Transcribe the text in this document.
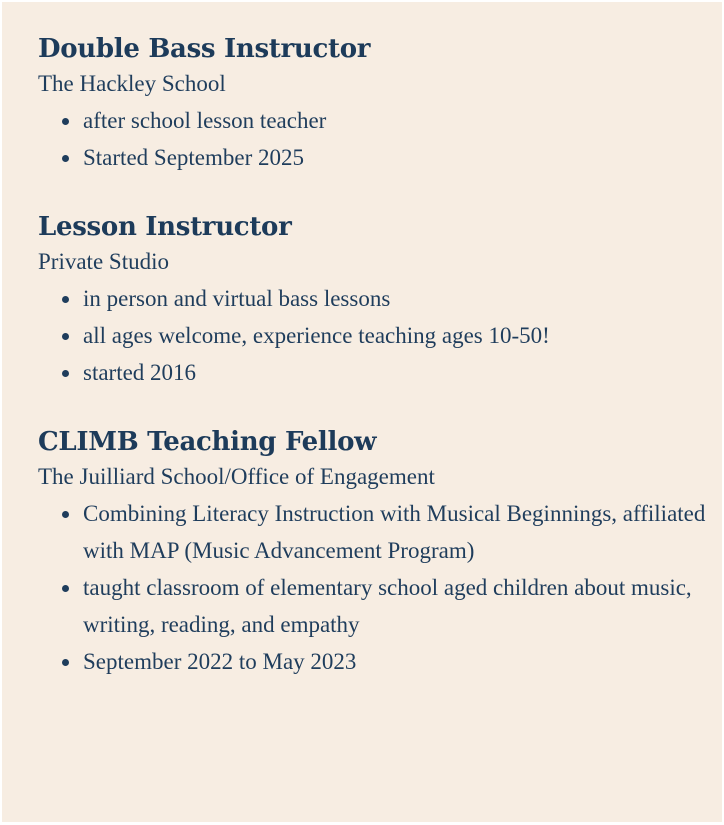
Double Bass Instructor

The Hackley School

after school lesson teacher
Started September 2025
Lesson Instructor

Private Studio

in person and virtual bass lessons
all ages welcome, experience teaching ages 10-50!
started 2016
CLIMB Teaching Fellow

The Juilliard School/Office of Engagement

Combining Literacy Instruction with Musical Beginnings, affiliated with MAP (Music Advancement Program)
taught classroom of elementary school aged children about music, writing, reading, and empathy
September 2022 to May 2023
